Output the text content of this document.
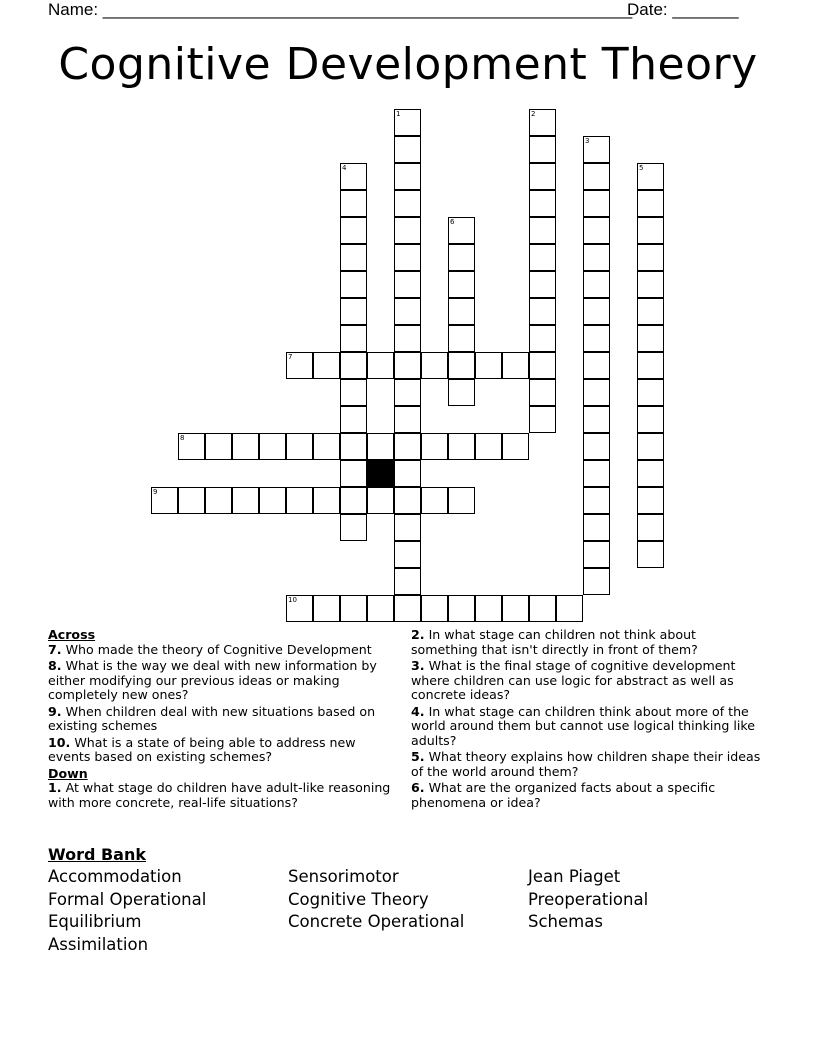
Name: ________________________________________________________
Date: _______
Cognitive Development Theory
1	2
3
4	5
6
7
8
9
10
Across
7. Who made the theory of Cognitive Development
8. What is the way we deal with new information by either modifying our previous ideas or making completely new ones?
9. When children deal with new situations based on existing schemes
10. What is a state of being able to address new events based on existing schemes?
Down
1. At what stage do children have adult-like reasoning with more concrete, real-life situations?
2. In what stage can children not think about something that isn't directly in front of them?
3. What is the final stage of cognitive development where children can use logic for abstract as well as concrete ideas?
4. In what stage can children think about more of the world around them but cannot use logical thinking like adults?
5. What theory explains how children shape their ideas of the world around them?
6. What are the organized facts about a specific phenomena or idea?
Word Bank
Accommodation
Formal Operational
Equilibrium
Assimilation
Sensorimotor
Cognitive Theory
Concrete Operational
Jean Piaget
Preoperational
Schemas
